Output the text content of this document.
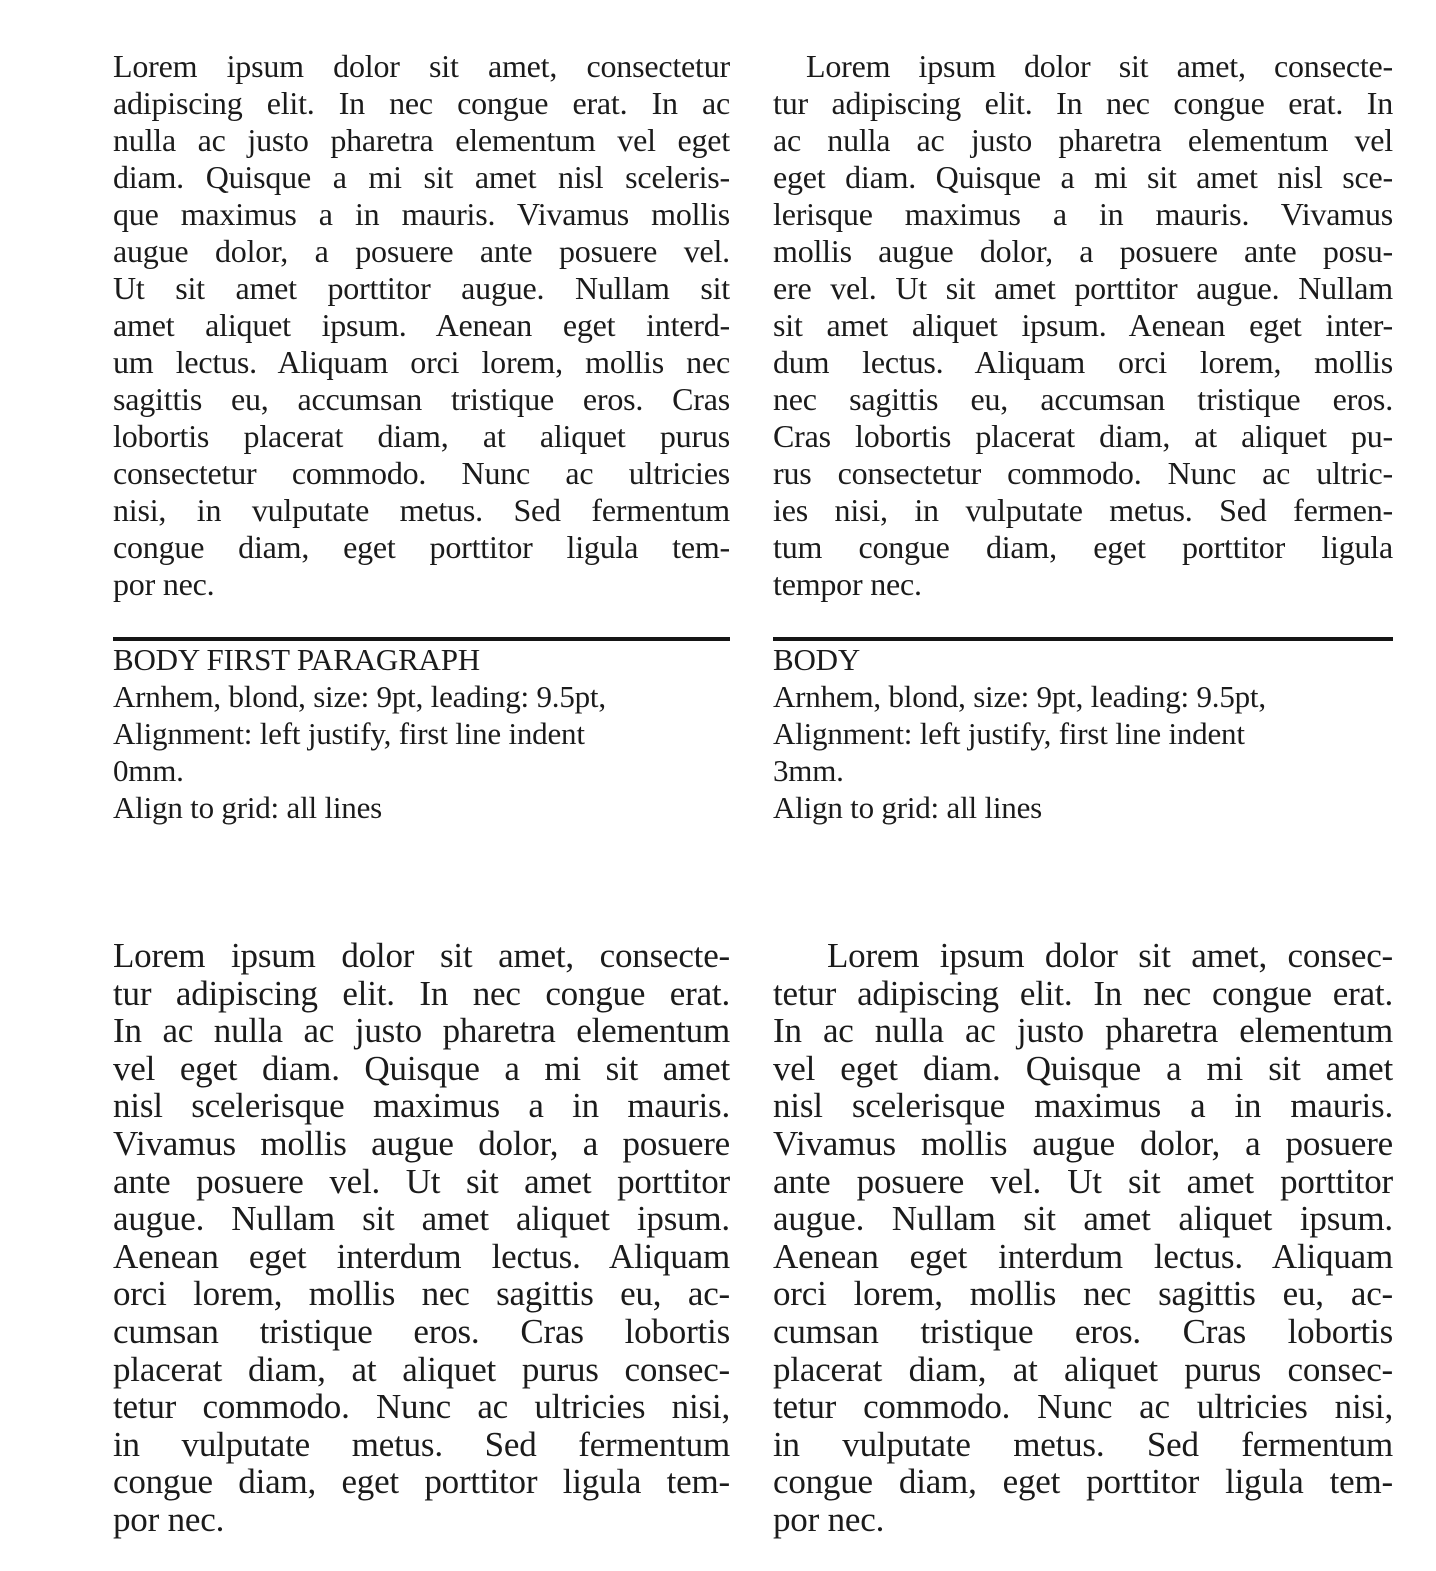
Lorem ipsum dolor sit amet, consectetur
adipiscing elit. In nec congue erat. In ac
nulla ac justo pharetra elementum vel eget
diam. Quisque a mi sit amet nisl sceleris-
que maximus a in mauris. Vivamus mollis
augue dolor, a posuere ante posuere vel.
Ut sit amet porttitor augue. Nullam sit
amet aliquet ipsum. Aenean eget interd-
um lectus. Aliquam orci lorem, mollis nec
sagittis eu, accumsan tristique eros. Cras
lobortis placerat diam, at aliquet purus
consectetur commodo. Nunc ac ultricies
nisi, in vulputate metus. Sed fermentum
congue diam, eget porttitor ligula tem-
por nec.
BODY FIRST PARAGRAPH
Arnhem, blond, size: 9pt, leading: 9.5pt,
Alignment: left justify, first line indent
0mm.
Align to grid: all lines
Lorem ipsum dolor sit amet, consecte-
tur adipiscing elit. In nec congue erat.
In ac nulla ac justo pharetra elementum
vel eget diam. Quisque a mi sit amet
nisl scelerisque maximus a in mauris.
Vivamus mollis augue dolor, a posuere
ante posuere vel. Ut sit amet porttitor
augue. Nullam sit amet aliquet ipsum.
Aenean eget interdum lectus. Aliquam
orci lorem, mollis nec sagittis eu, ac-
cumsan tristique eros. Cras lobortis
placerat diam, at aliquet purus consec-
tetur commodo. Nunc ac ultricies nisi,
in vulputate metus. Sed fermentum
congue diam, eget porttitor ligula tem-
por nec.
Lorem ipsum dolor sit amet, consecte-
tur adipiscing elit. In nec congue erat. In
ac nulla ac justo pharetra elementum vel
eget diam. Quisque a mi sit amet nisl sce-
lerisque maximus a in mauris. Vivamus
mollis augue dolor, a posuere ante posu-
ere vel. Ut sit amet porttitor augue. Nullam
sit amet aliquet ipsum. Aenean eget inter-
dum lectus. Aliquam orci lorem, mollis
nec sagittis eu, accumsan tristique eros.
Cras lobortis placerat diam, at aliquet pu-
rus consectetur commodo. Nunc ac ultric-
ies nisi, in vulputate metus. Sed fermen-
tum congue diam, eget porttitor ligula
tempor nec.
BODY
Arnhem, blond, size: 9pt, leading: 9.5pt,
Alignment: left justify, first line indent
3mm.
Align to grid: all lines
Lorem ipsum dolor sit amet, consec-
tetur adipiscing elit. In nec congue erat.
In ac nulla ac justo pharetra elementum
vel eget diam. Quisque a mi sit amet
nisl scelerisque maximus a in mauris.
Vivamus mollis augue dolor, a posuere
ante posuere vel. Ut sit amet porttitor
augue. Nullam sit amet aliquet ipsum.
Aenean eget interdum lectus. Aliquam
orci lorem, mollis nec sagittis eu, ac-
cumsan tristique eros. Cras lobortis
placerat diam, at aliquet purus consec-
tetur commodo. Nunc ac ultricies nisi,
in vulputate metus. Sed fermentum
congue diam, eget porttitor ligula tem-
por nec.
